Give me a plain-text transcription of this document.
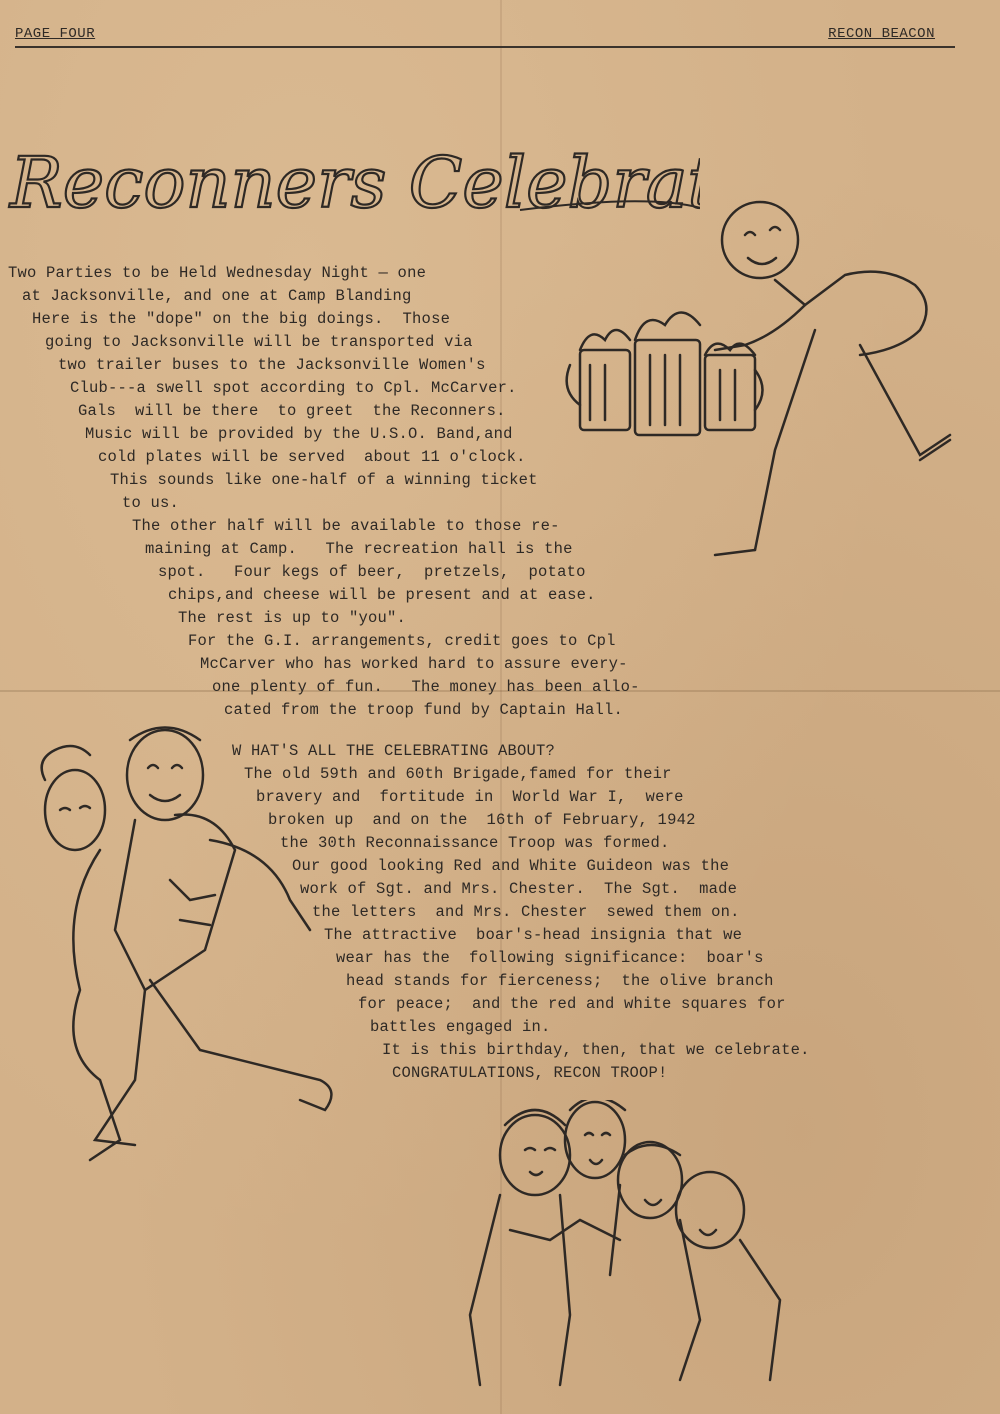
PAGE FOUR	RECON BEACON
Reconners Celebrate
Two Parties to be Held Wednesday Night — one
at Jacksonville, and one at Camp Blanding
Here is the "dope" on the big doings.  Those
going to Jacksonville will be transported via
two trailer buses to the Jacksonville Women's
Club---a swell spot according to Cpl. McCarver.
Gals  will be there  to greet  the Reconners.
Music will be provided by the U.S.O. Band,and
cold plates will be served  about 11 o'clock.
This sounds like one-half of a winning ticket
to us.
The other half will be available to those re-
maining at Camp.   The recreation hall is the
spot.   Four kegs of beer,  pretzels,  potato
chips,and cheese will be present and at ease.
The rest is up to "you".
For the G.I. arrangements, credit goes to Cpl
McCarver who has worked hard to assure every-
one plenty of fun.   The money has been allo-
cated from the troop fund by Captain Hall.
W HAT'S ALL THE CELEBRATING ABOUT?
The old 59th and 60th Brigade,famed for their
bravery and  fortitude in  World War I,  were
broken up  and on the  16th of February, 1942
the 30th Reconnaissance Troop was formed.
Our good looking Red and White Guideon was the
work of Sgt. and Mrs. Chester.  The Sgt.  made
the letters  and Mrs. Chester  sewed them on.
The attractive  boar's-head insignia that we
wear has the  following significance:  boar's
head stands for fierceness;  the olive branch
for peace;  and the red and white squares for
battles engaged in.
It is this birthday, then, that we celebrate.
CONGRATULATIONS, RECON TROOP!
